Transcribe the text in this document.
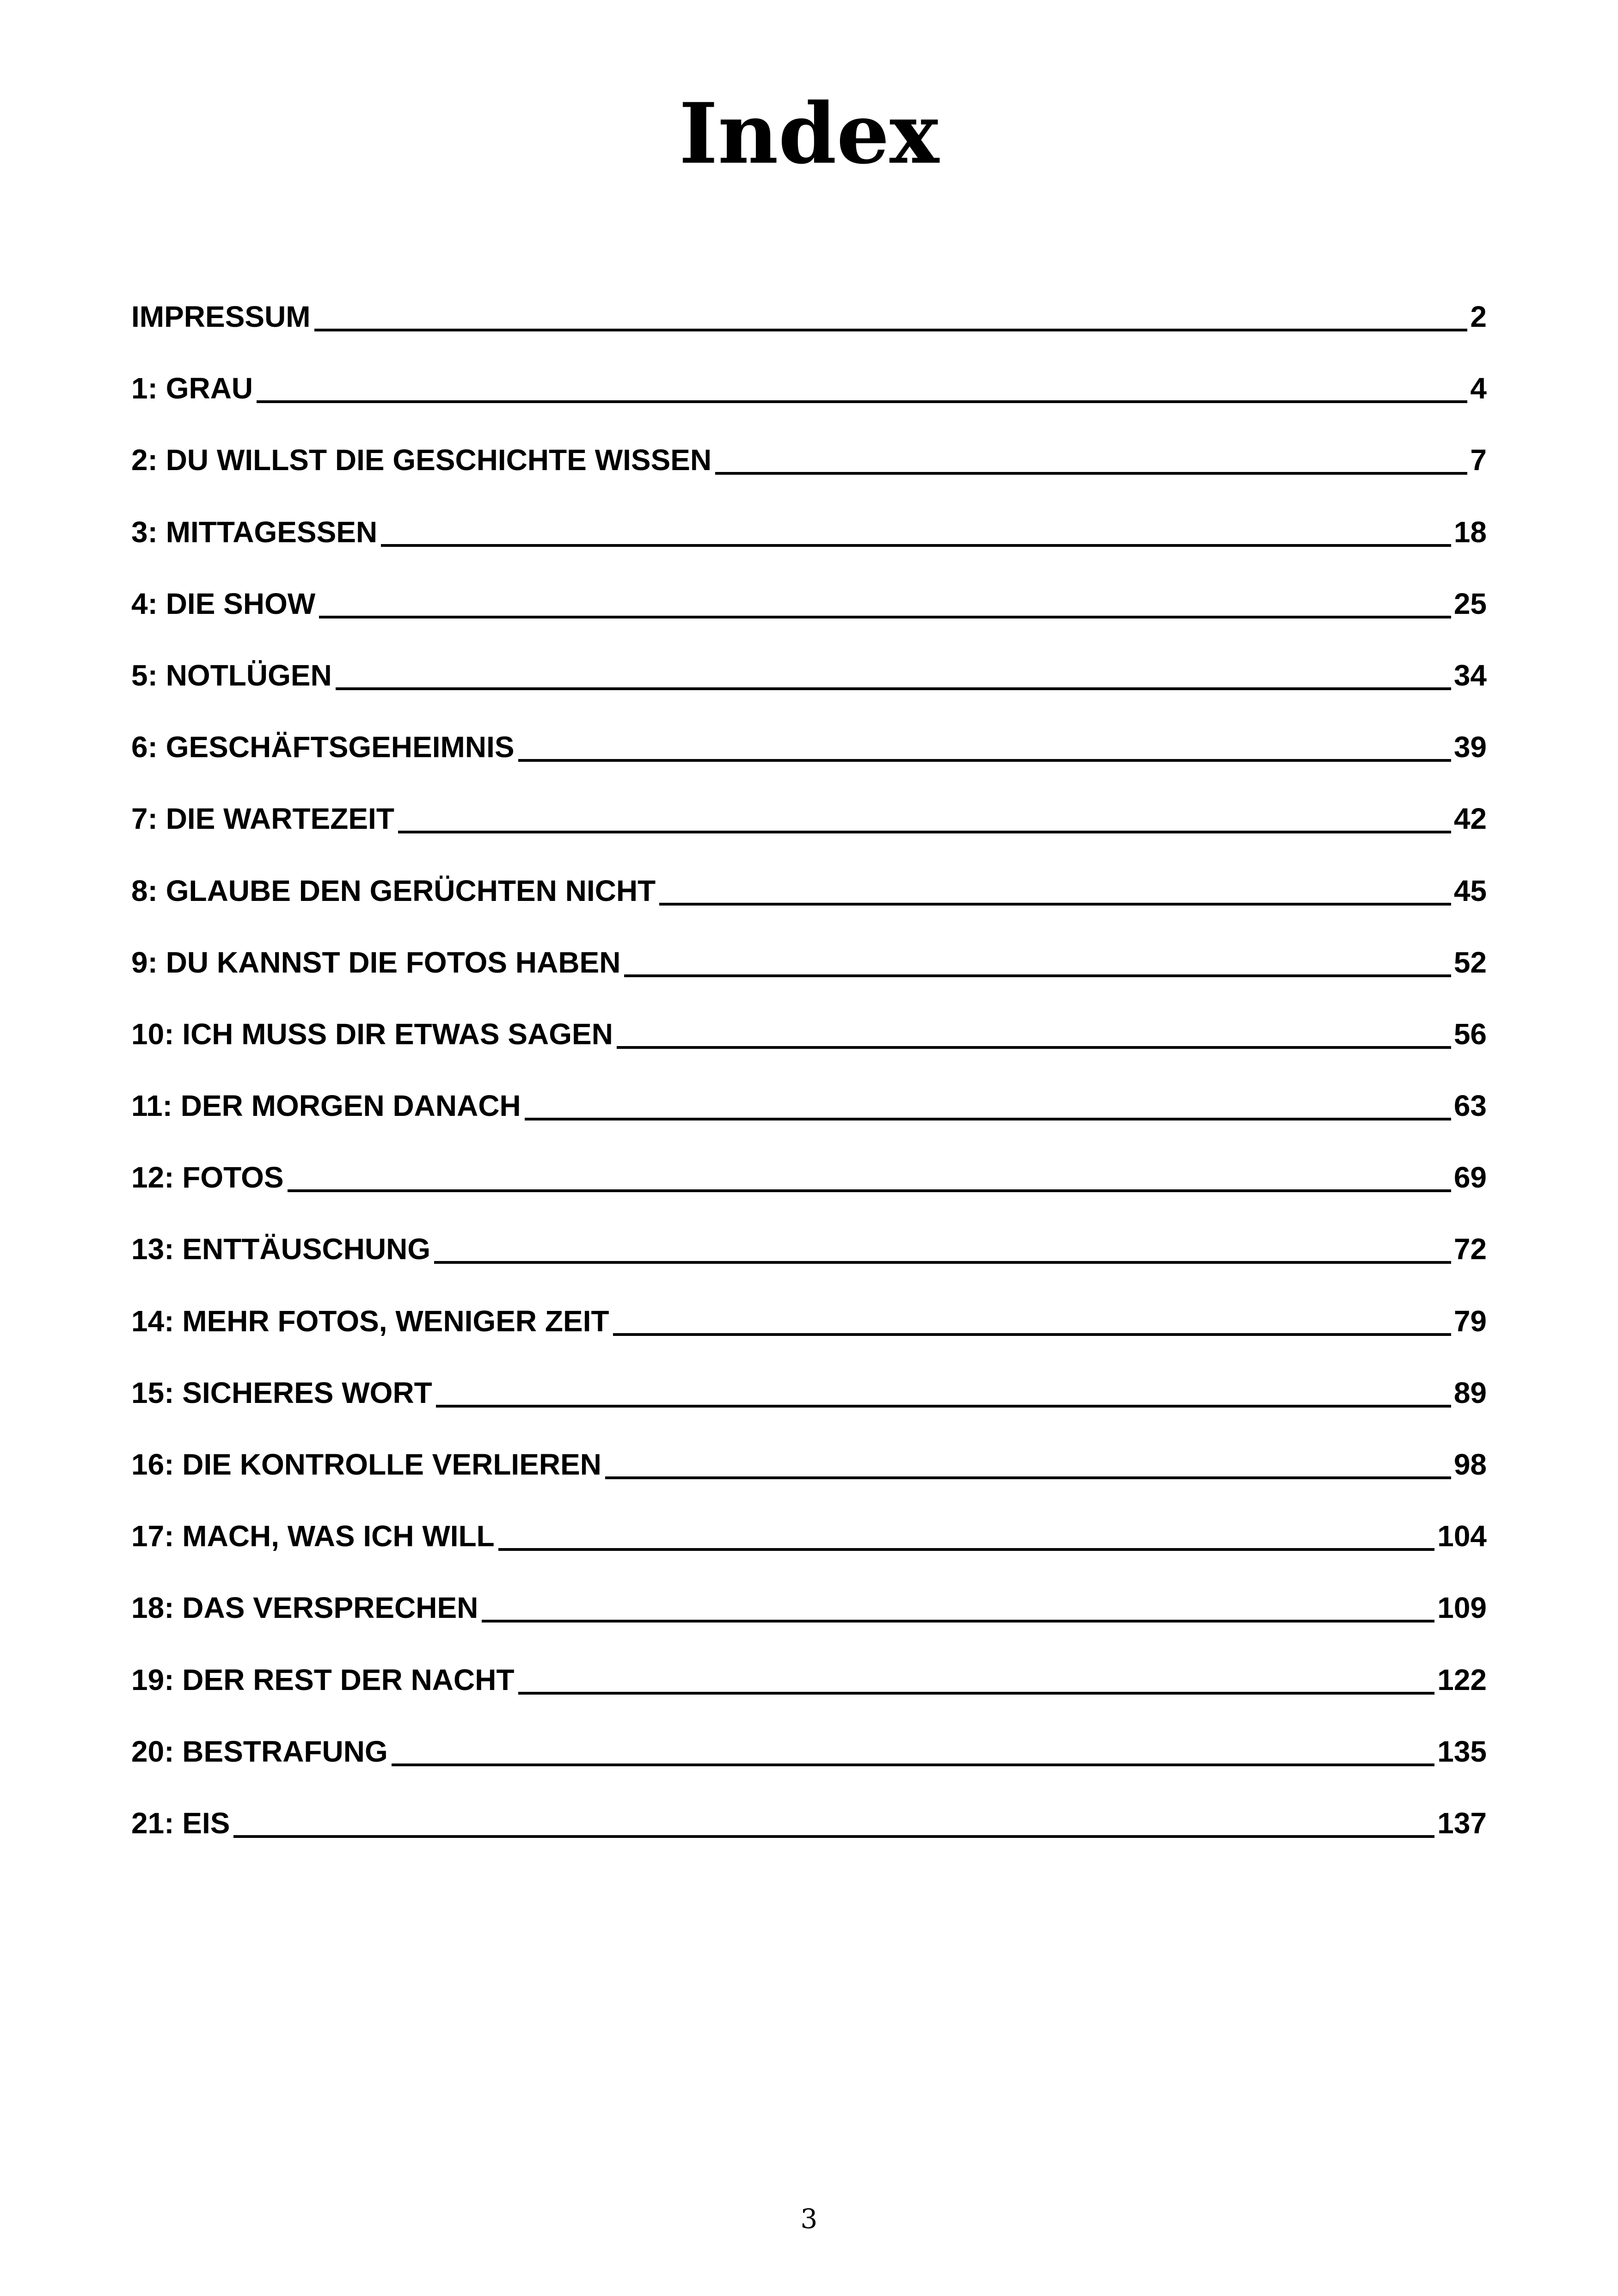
Index
IMPRESSUM	2
1: GRAU	4
2: DU WILLST DIE GESCHICHTE WISSEN	7
3: MITTAGESSEN	18
4: DIE SHOW	25
5: NOTLÜGEN	34
6: GESCHÄFTSGEHEIMNIS	39
7: DIE WARTEZEIT	42
8: GLAUBE DEN GERÜCHTEN NICHT	45
9: DU KANNST DIE FOTOS HABEN	52
10: ICH MUSS DIR ETWAS SAGEN	56
11: DER MORGEN DANACH	63
12: FOTOS	69
13: ENTTÄUSCHUNG	72
14: MEHR FOTOS, WENIGER ZEIT	79
15: SICHERES WORT	89
16: DIE KONTROLLE VERLIEREN	98
17: MACH, WAS ICH WILL	104
18: DAS VERSPRECHEN	109
19: DER REST DER NACHT	122
20: BESTRAFUNG	135
21: EIS	137
3
